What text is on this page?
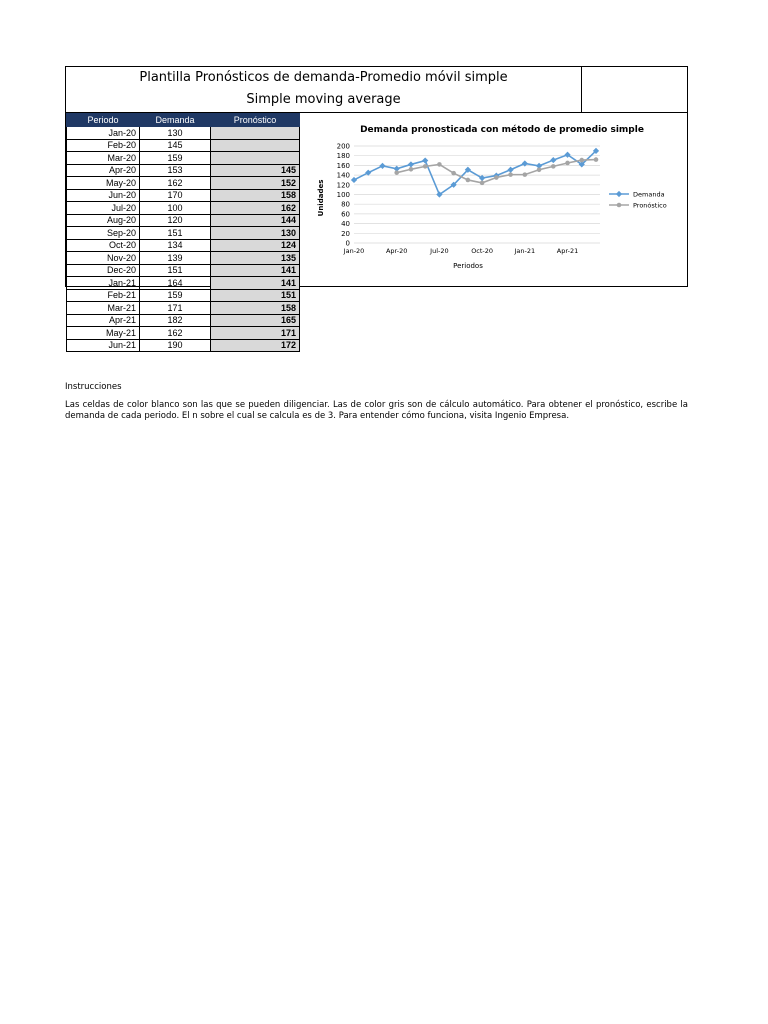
Plantilla Pronósticos de demanda-Promedio móvil simple
Simple moving average
Periodo	Demanda	Pronóstico
Jan-20	130	
Feb-20	145	
Mar-20	159	
Apr-20	153	145
May-20	162	152
Jun-20	170	158
Jul-20	100	162
Aug-20	120	144
Sep-20	151	130
Oct-20	134	124
Nov-20	139	135
Dec-20	151	141
Jan-21	164	141
Feb-21	159	151
Mar-21	171	158
Apr-21	182	165
May-21	162	171
Jun-21	190	172
Demanda pronosticada con método de promedio simple
0
20
40
60
80
100
120
140
160
180
200
Jan-20	Apr-20	Jul-20	Oct-20	Jan-21	Apr-21
Demanda
Pronóstico
Periodos
Unidades
Instrucciones
Las celdas de color blanco son las que se pueden diligenciar. Las de color gris son de cálculo automático. Para obtener el pronóstico, escribe la demanda de cada periodo. El n sobre el cual se calcula es de 3. Para entender cómo funciona, visita Ingenio Empresa.
